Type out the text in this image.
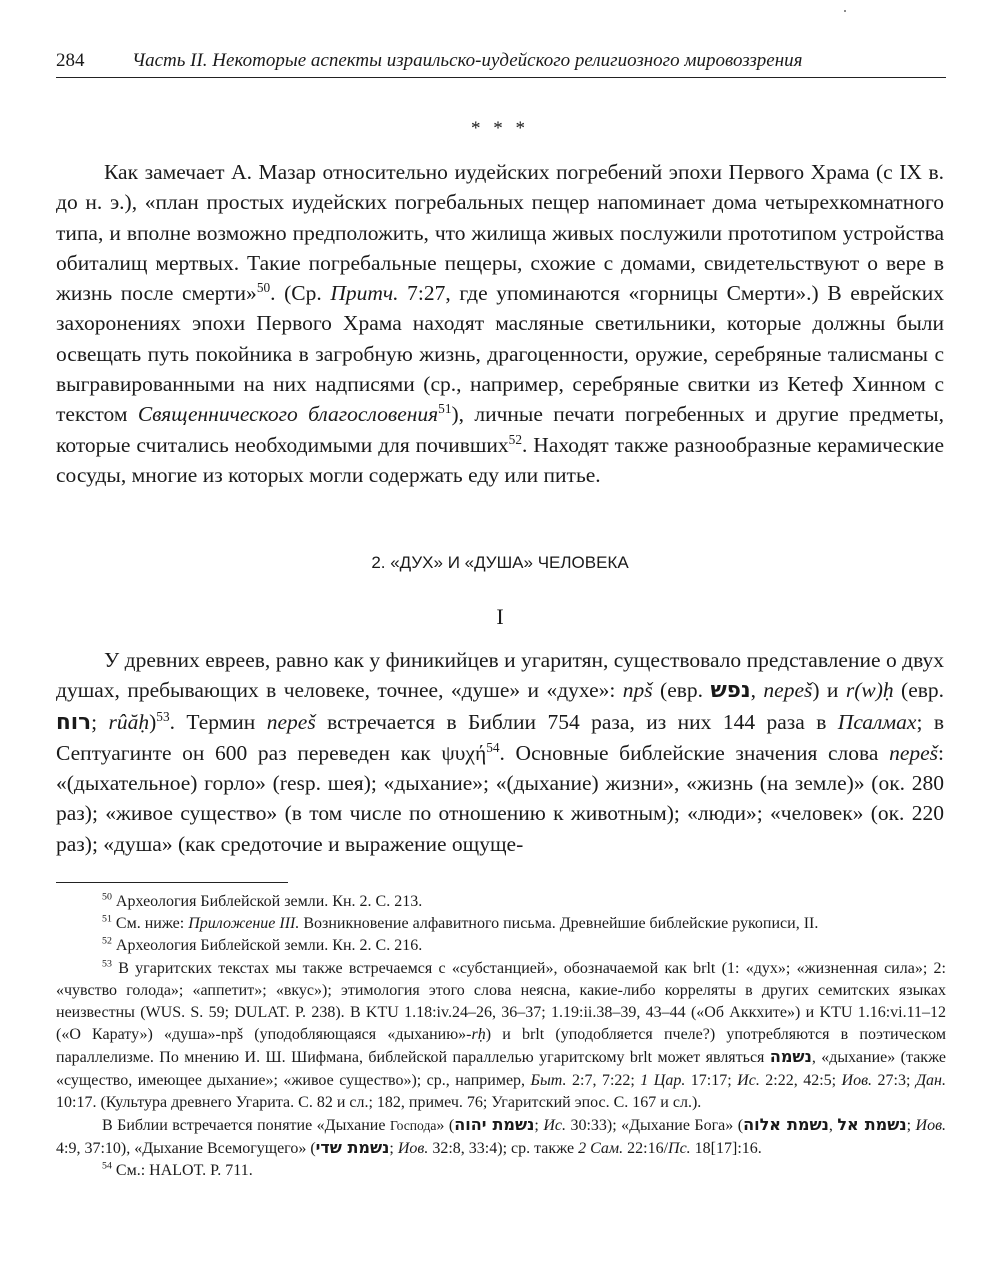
284	Часть II. Некоторые аспекты израильско-иудейского религиозного мировоззрения
* * *
Как замечает А. Мазар относительно иудейских погребений эпохи Первого Храма (с IX в. до н. э.), «план простых иудейских погребальных пещер напоминает дома четырехкомнатного типа, и вполне возможно предположить, что жилища живых послужили прототипом устройства обиталищ мертвых. Такие погребальные пещеры, схожие с домами, свидетельствуют о вере в жизнь после смерти»$^{50}$. (Ср. Притч. 7:27, где упоминаются «горницы Смерти».) В еврейских захоронениях эпохи Первого Храма находят масляные светильники, которые должны были освещать путь покойника в загробную жизнь, драгоценности, оружие, серебряные талисманы с выгравированными на них надписями (ср., например, серебряные свитки из Кетеф Хинном с текстом Священнического благословения$^{51}$), личные печати погребенных и другие предметы, которые считались необходимыми для почивших$^{52}$. Находят также разнообразные керамические сосуды, многие из которых могли содержать еду или питье.
2. «ДУХ» И «ДУША» ЧЕЛОВЕКА
I
У древних евреев, равно как у финикийцев и угаритян, существовало представление о двух душах, пребывающих в человеке, точнее, «душе» и «духе»: npš (евр. נפש, nepeš) и r(w)ḥ (евр. רוח; rûăḥ)$^{53}$. Термин nepeš встречается в Библии 754 раза, из них 144 раза в Псалмах; в Септуагинте он 600 раз переведен как ψυχή$^{54}$. Основные библейские значения слова nepeš: «(дыхательное) горло» (resp. шея); «дыхание»; «(дыхание) жизни», «жизнь (на земле)» (ок. 280 раз); «живое существо» (в том числе по отношению к животным); «люди»; «человек» (ок. 220 раз); «душа» (как средоточие и выражение ощуще-

$^{50}$ Археология Библейской земли. Кн. 2. С. 213.

$^{51}$ См. ниже: Приложение III. Возникновение алфавитного письма. Древнейшие библейские рукописи, II.

$^{52}$ Археология Библейской земли. Кн. 2. С. 216.

$^{53}$ В угаритских текстах мы также встречаемся с «субстанцией», обозначаемой как brlt (1: «дух»; «жизненная сила»; 2: «чувство голода»; «аппетит»; «вкус»); этимология этого слова неясна, какие-либо корреляты в других семитских языках неизвестны (WUS. S. 59; DULAT. P. 238). В KTU 1.18:iv.24–26, 36–37; 1.19:ii.38–39, 43–44 («Об Аккхите») и KTU 1.16:vi.11–12 («О Карату») «душа»-npš (уподобляющаяся «дыханию»-rḥ) и brlt (уподобляется пчеле?) употребляются в поэтическом параллелизме. По мнению И. Ш. Шифмана, библейской параллелью угаритскому brlt может являться נשמה, «дыхание» (также «существо, имеющее дыхание»; «живое существо»); ср., например, Быт. 2:7, 7:22; 1 Цар. 17:17; Ис. 2:22, 42:5; Иов. 27:3; Дан. 10:17. (Культура древнего Угарита. С. 82 и сл.; 182, примеч. 76; Угаритский эпос. С. 167 и сл.).

В Библии встречается понятие «Дыхание Господа» (נשמת יהוה; Ис. 30:33); «Дыхание Бога» (נשמת אלוה, נשמת אל; Иов. 4:9, 37:10), «Дыхание Всемогущего» (נשמת שדי; Иов. 32:8, 33:4); ср. также 2 Сам. 22:16/Пс. 18[17]:16.

$^{54}$ См.: HALOT. P. 711.
